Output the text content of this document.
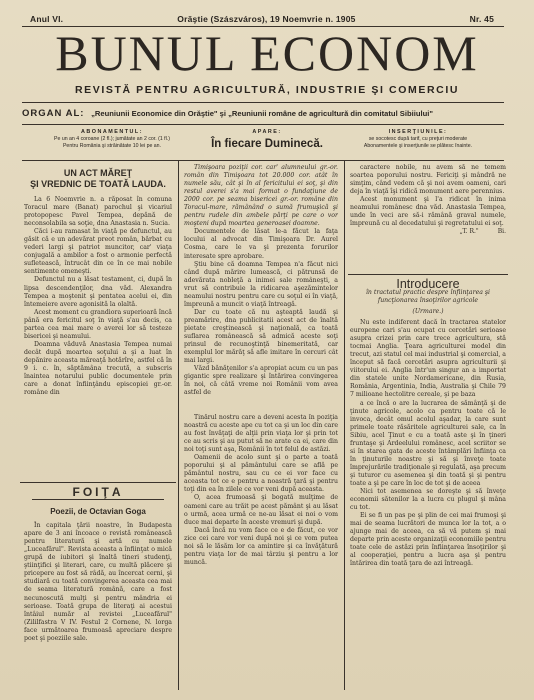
Anul VI.	Orăştie (Szászváros), 19 Noemvrie n. 1905	Nr. 45
BUNUL ECONOM
REVISTĂ PENTRU AGRICULTURĂ, INDUSTRIE ŞI COMERCIU
ORGAN AL: „Reuniunii Economice din Orăştie" şi „Reuniunii române de agricultură din comitatul Sibiiului"
ABONAMENTUL:
Pe un an 4 coroane (2 fl.); jumătate an 2 cor. (1 fl.)
Pentru România şi străinătate 10 lei pe an.
APARE:
În fiecare Duminecă.
INSERŢIUNILE:
se socotesc după tarif, cu preţuri moderate
Abonamentele şi inserţiunile se plătesc înainte.
UN ACT MĂREŢ
ŞI VREDNIC DE TOATĂ LAUDA.

La 6 Noemvrie n. a răposat în comuna Toracul mare (Banat) parochul şi vicariul protopopesc Pavel Tempea, depănă de neconsolabila sa soţie, dna Anastasia n. Sucia.

Căci i-au ramasat în viaţă pe defunctul, au găsit că e un adevărat preot român, bărbat cu vederi largi şi patriot muncitor, car' viaţa conjugală a ambilor a fost o armonie perfectă sufletească, întrucât din ce în ce mai nobile sentimente omeneşti.

Defunctul nu a lăsat testament, ci, după în lipsa descendenţilor, dna văd. Alexandra Tempea a moştenit şi pentatea acelui ei, din întemeiere avere agonisită la olaltă.

Acest moment cu grandiora superioară încă până era fericitul soţ în viaţă s'au decis, ca partea cea mai mare o averei lor să testeze bisericei şi neamului.

Doamna văduvă Anastasia Tempea numai decât după moartea soţului a şi a luat în depănire aceasta măreaţă hotărîre, astfel că în 9 i. c. în, săptămâna trecută, a subscris înaintea notarului public documentele prin care a donat înfiinţându episcopiei gr.-or. române din

FOIŢA
Poezii, de Octavian Goga

În capitala ţării noastre, în Budapesta apare de 3 ani încoace o revistă românească pentru literatură şi artă cu numele „Luceafărul". Revista aceasta a înfiinţat o mică grupă de iubitori şi înaltă tineri studenţi, ştiinţifici şi literari, care, cu multă plăcere şi pricepere au fost să râdă, au încercat cerni, şi studiară cu toată convingerea aceasta cea mai de seama literatură română, care a fost necunoscută mulţi şi pentru mândria ei serioase. Toată grupa de literaţi ai acestui întâiul număr al revistei „Luceafărul" (Zililfastra V IV. Festul 2 Cornene, N. lorga face următoarea frumoasă apreciare despre poet şi poeziile sale.

Timişoara poziţii cor. car' alumneului gr.-or. român din Timişoara tot 20.000 cor. atât în numele său, cât şi în al fericitului ei soţ, şi din restul averei s'a mai format o fundaţiune de 2000 cor. pe seama bisericei gr.-or. române din Toracul-mare, rămânând o sumă frumuşică şi pentru rudele din ambele părţi pe care o vor moşteni după moartea generoasei doamne.

Documentele de lăsat le-a făcut la faţa locului al advocat din Timişoara Dr. Aurel Cosma, care le va şi prezenta forurilor interesate spre aprobare.

Ştiu bine că doamna Tempea n'a făcut nici când după mărire lumească, ci pătrunsă de adevărata nobleţă a inimei sale româneşti, a vrut să contribuie la ridicarea aşezămintelor neamului nostru pentru care cu soţul ei în viaţă, împreună a muncit o viaţă întreagă.

Dar cu toate că nu aşteaptă laudă şi preamărire, dna publicitatii acest act de înaltă pietate creştinească şi naţională, ca toată suflarea românească să admică aceste soţi prinsul de recunoştinţă binemeritată, car exemplul lor mărăţ să afle imitare în cercuri cât mai largi.

Văzd bănăţenilor s'a apropiat acum cu un pas gigantic spre realizare şi întărirea convingerea în noi, că câtă vreme noi Românii vom avea astfel de

Tinărul nostru care a deveni acesta în poziţia noastră cu aceste ape cu tot ca şi un loc din care au fost învăţaţi de alţii prin viaţa lor şi prin tot ce au scris şi au putut să ne arate ca ei, care din noi toţi sunt aşa, Românii în tot felul de astăzi.

Oamenii de acolo sunt şi o parte a toată poporului şi al pământului care se află pe pământul nostru, sau cu ce ei vor face cu aceasta tot ce e pentru a noastră ţară şi pentru toţi din ea în zilele ce vor veni după aceasta.

O, acea frumoasă şi bogată mulţime de oameni care au trăit pe acest pământ şi au lăsat o urmă, acea urmă ce ne-au lăsat ei noi o vom duce mai departe în aceste vremuri şi după.

Dacă încă nu vom face ce e de făcut, ce vor zice cei care vor veni după noi şi ce vom putea noi să le lăsăm lor ca amintire şi ca învăţătură pentru viaţa lor de mai târziu şi pentru a lor muncă.

caractere nobile, nu avem să ne temem soartea poporului nostru. Fericiţi şi mândră ne simţim, când vedem că şi noi avem oameni, cari deja în viaţă îşi ridică monument aere perennius.

Acest monument şi l'a ridicat în inima neamului românesc dna văd. Anastasia Tempea, unde în veci are să-i rămână graval numele, împreună cu al decedatului şi regretatului ei soţ.

„T. R."	Bi.
Introducere
în tractatul practic despre înfiinţarea şi funcţionarea însoţirilor agricole
(Urmare.)

Nu este indiferent dacă în tractarea statelor europene cari s'au ocupat cu cercetări serioase asupra crizei prin care trece agricultura, stă tocmai Anglia. Ţeara agriculturei model din trecut, azi statul cel mai industrial şi comercial, a început să facă cercetări asupra agriculturii şi viitorului ei. Anglia într'un singur an a importat din statele unite Nordamericane, din Rusia, România, Argentinia, India, Australia şi Chile 79 7 milioane hectolitre cereale, şi pe baza

a ce încă o are la lucrarea de sămânţă şi de ţinute agricole, acolo ca pentru toate că le invoca, decât omul acolul aşadar, la care sunt primele toate răsăritele agriculturei sale, ca în Sibiu, acel Ţinut e cu a toată aste şi în ţineri fruntaşe şi Ardeelului românesc, acel scriitor se si în starea gata de aceste întâmplări înfiinţa ca în ţinuturile noastre şi să şi înveţe toate împrejurările tradiţionale şi regulată, aşa precum şi tuturor cu asemenea şi din toată şi şi pentru toate a şi pe care în loc de tot şi de aceea

Nici tot asemenea se doreşte şi să înveţe economii sătenilor la a lucra cu plugul şi mâna cu tot.

Ei se fi un pas pe şi plin de cei mai frumoşi şi mai de seama lucrători de munca lor la tot, a o ajunge mai de aceea, ca să vă putem şi mai departe prin aceste organizaţii economiile pentru toate cele de astăzi prin înfiinţarea însoţirilor şi al cooperaţiei, pentru a lucra aşa şi pentru întărirea din toată ţara de azi întreagă.
